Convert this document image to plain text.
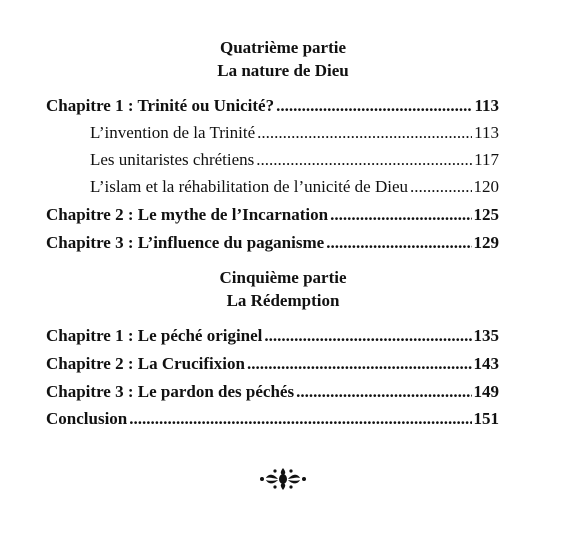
Quatrième partie
La nature de Dieu
Chapitre 1 : Trinité ou Unicité? .....	113
L’invention de la Trinité .....	113
Les unitaristes chrétiens .....	117
L’islam et la réhabilitation de l’unicité de Dieu .....	120
Chapitre 2 : Le mythe de l’Incarnation .....	125
Chapitre 3 : L’influence du paganisme .....	129
Cinquième partie
La Rédemption
Chapitre 1 : Le péché originel .....	135
Chapitre 2 : La Crucifixion .....	143
Chapitre 3 : Le pardon des péchés .....	149
Conclusion .....	151
